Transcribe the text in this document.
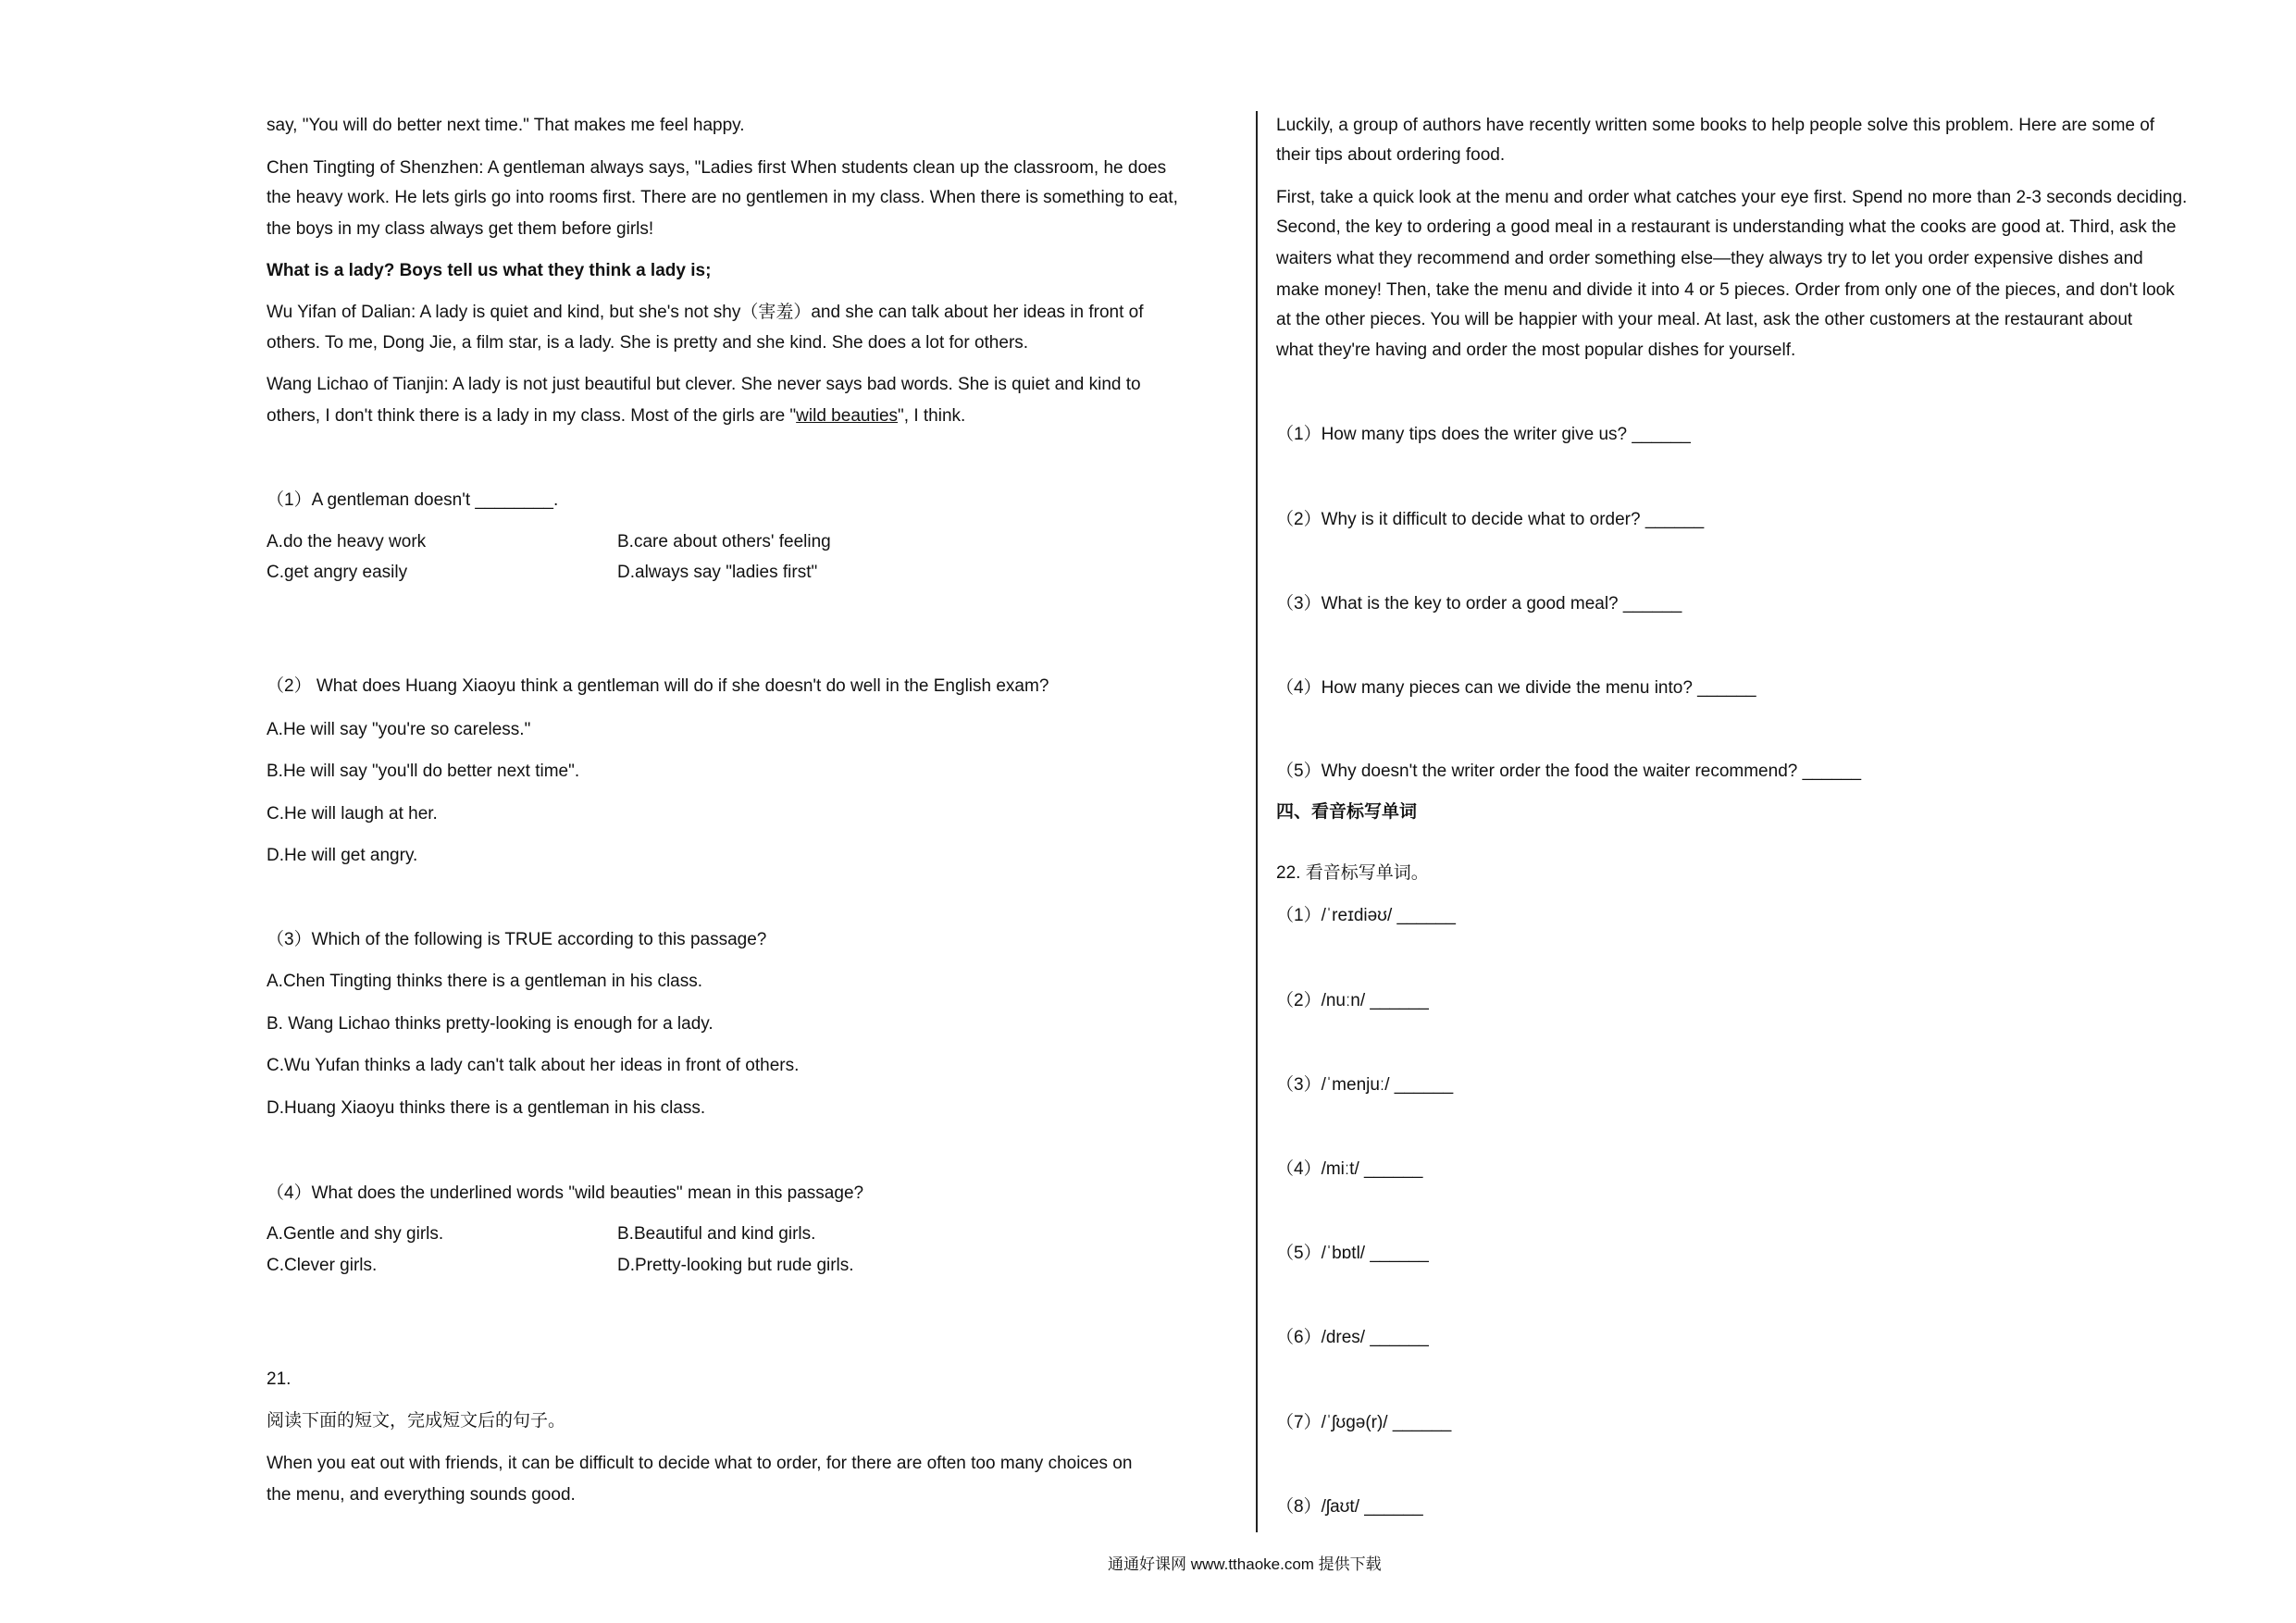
say, "You will do better next time." That makes me feel happy.
Chen Tingting of Shenzhen: A gentleman always says, "Ladies first When students clean up the classroom, he does
the heavy work. He lets girls go into rooms first. There are no gentlemen in my class. When there is something to eat,
the boys in my class always get them before girls!
What is a lady? Boys tell us what they think a lady is;
Wu Yifan of Dalian: A lady is quiet and kind, but she's not shy（害羞）and she can talk about her ideas in front of
others. To me, Dong Jie, a film star, is a lady. She is pretty and she kind. She does a lot for others.
Wang Lichao of Tianjin: A lady is not just beautiful but clever. She never says bad words. She is quiet and kind to
others, I don't think there is a lady in my class. Most of the girls are "wild beauties", I think.
（1）A gentleman doesn't ________.
A.do the heavy work	B.care about others' feeling
C.get angry easily	D.always say "ladies first"
（2） What does Huang Xiaoyu think a gentleman will do if she doesn't do well in the English exam?
A.He will say "you're so careless."
B.He will say "you'll do better next time".
C.He will laugh at her.
D.He will get angry.
（3）Which of the following is TRUE according to this passage?
A.Chen Tingting thinks there is a gentleman in his class.
B. Wang Lichao thinks pretty-looking is enough for a lady.
C.Wu Yufan thinks a lady can't talk about her ideas in front of others.
D.Huang Xiaoyu thinks there is a gentleman in his class.
（4）What does the underlined words "wild beauties" mean in this passage?
A.Gentle and shy girls.	B.Beautiful and kind girls.
C.Clever girls.	D.Pretty-looking but rude girls.
21.
阅读下面的短文，完成短文后的句子。
When you eat out with friends, it can be difficult to decide what to order, for there are often too many choices on
the menu, and everything sounds good.
Luckily, a group of authors have recently written some books to help people solve this problem. Here are some of
their tips about ordering food.
First, take a quick look at the menu and order what catches your eye first. Spend no more than 2-3 seconds deciding.
Second, the key to ordering a good meal in a restaurant is understanding what the cooks are good at. Third, ask the
waiters what they recommend and order something else—they always try to let you order expensive dishes and
make money! Then, take the menu and divide it into 4 or 5 pieces. Order from only one of the pieces, and don't look
at the other pieces. You will be happier with your meal. At last, ask the other customers at the restaurant about
what they're having and order the most popular dishes for yourself.
（1）How many tips does the writer give us? ______
（2）Why is it difficult to decide what to order? ______
（3）What is the key to order a good meal? ______
（4）How many pieces can we divide the menu into? ______
（5）Why doesn't the writer order the food the waiter recommend? ______
四、看音标写单词
22. 看音标写单词。
（1）/ˈreɪdiəʊ/ ______
（2）/nuːn/ ______
（3）/ˈmenjuː/ ______
（4）/miːt/ ______
（5）/ˈbɒtl/ ______
（6）/dres/ ______
（7）/ˈʃʊgə(r)/ ______
（8）/ʃaʊt/ ______
通通好课网 www.tthaoke.com 提供下载
